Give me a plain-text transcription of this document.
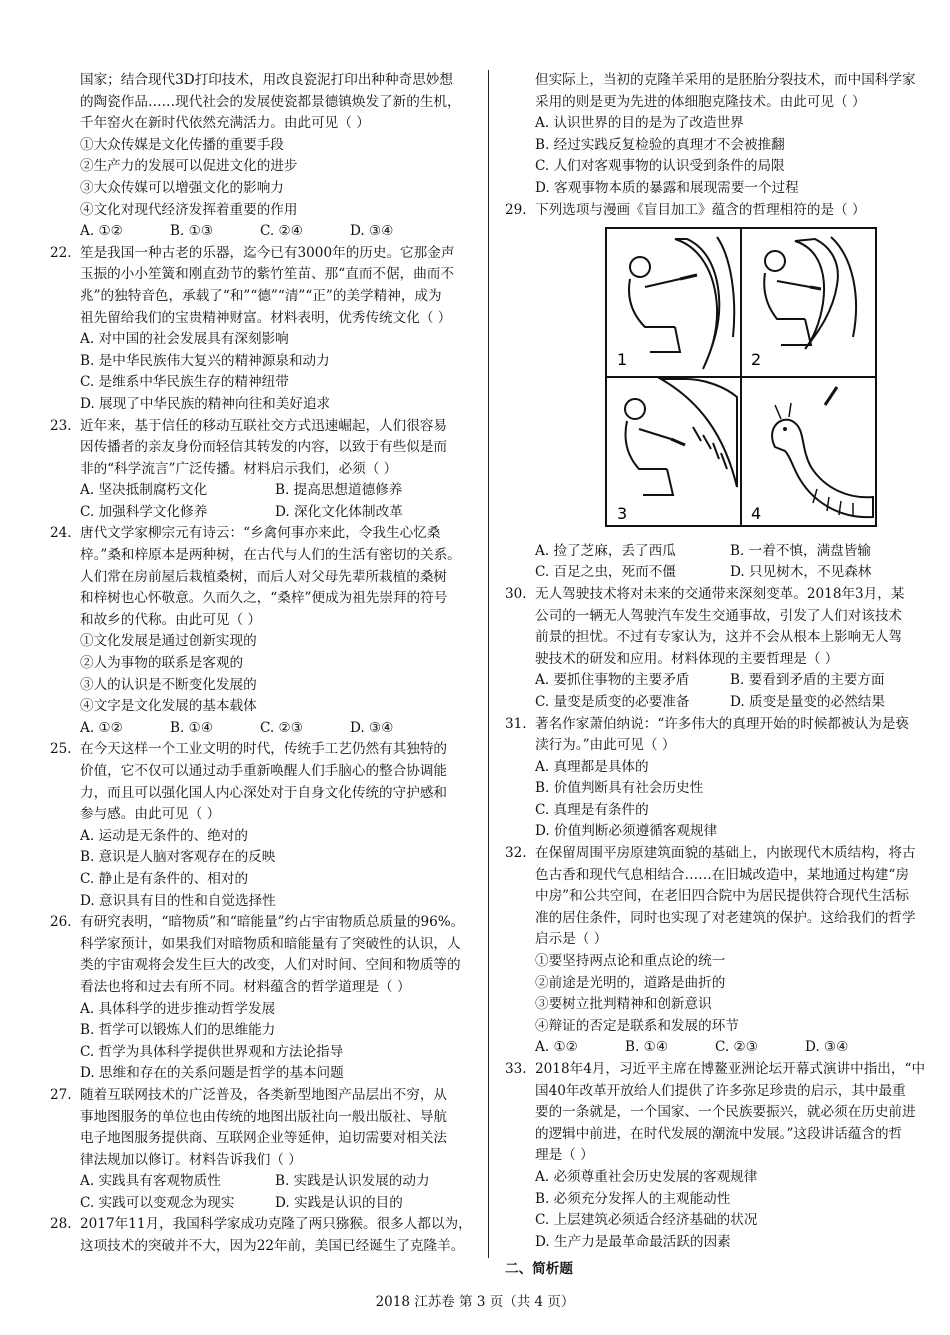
国家；结合现代3D打印技术，用改良瓷泥打印出种种奇思妙想

的陶瓷作品……现代社会的发展使瓷都景德镇焕发了新的生机，

千年窑火在新时代依然充满活力。由此可见（ ）

①大众传媒是文化传播的重要手段

②生产力的发展可以促进文化的进步

③大众传媒可以增强文化的影响力

④文化对现代经济发挥着重要的作用

A. ①②	B. ①③	C. ②④	D. ③④
22. 笙是我国一种古老的乐器，迄今已有3000年的历史。它那金声
玉振的小小笙簧和刚直劲节的紫竹笙苗、那“直而不倨，曲而不
兆”的独特音色，承载了“和”“德”“清”“正”的美学精神，成为
祖先留给我们的宝贵精神财富。材料表明，优秀传统文化（ ）
A. 对中国的社会发展具有深刻影响
B. 是中华民族伟大复兴的精神源泉和动力
C. 是维系中华民族生存的精神纽带
D. 展现了中华民族的精神向往和美好追求
23. 近年来，基于信任的移动互联社交方式迅速崛起，人们很容易
因传播者的亲友身份而轻信其转发的内容，以致于有些似是而
非的“科学流言”广泛传播。材料启示我们，必须（ ）
A. 坚决抵制腐朽文化	B. 提高思想道德修养
C. 加强科学文化修养	D. 深化文化体制改革
24. 唐代文学家柳宗元有诗云：“乡禽何事亦来此，令我生心忆桑
梓。”桑和梓原本是两种树，在古代与人们的生活有密切的关系。
人们常在房前屋后栽植桑树，而后人对父母先辈所栽植的桑树
和梓树也心怀敬意。久而久之，“桑梓”便成为祖先崇拜的符号
和故乡的代称。由此可见（ ）
①文化发展是通过创新实现的
②人为事物的联系是客观的
③人的认识是不断变化发展的
④文字是文化发展的基本载体
A. ①②	B. ①④	C. ②③	D. ③④
25. 在今天这样一个工业文明的时代，传统手工艺仍然有其独特的
价值，它不仅可以通过动手重新唤醒人们手脑心的整合协调能
力，而且可以强化国人内心深处对于自身文化传统的守护感和
参与感。由此可见（ ）
A. 运动是无条件的、绝对的
B. 意识是人脑对客观存在的反映
C. 静止是有条件的、相对的
D. 意识具有目的性和自觉选择性
26. 有研究表明，“暗物质”和“暗能量”约占宇宙物质总质量的96%。
科学家预计，如果我们对暗物质和暗能量有了突破性的认识，人
类的宇宙观将会发生巨大的改变，人们对时间、空间和物质等的
看法也将和过去有所不同。材料蕴含的哲学道理是（ ）
A. 具体科学的进步推动哲学发展
B. 哲学可以锻炼人们的思维能力
C. 哲学为具体科学提供世界观和方法论指导
D. 思维和存在的关系问题是哲学的基本问题
27. 随着互联网技术的广泛普及，各类新型地图产品层出不穷，从
事地图服务的单位也由传统的地图出版社向一般出版社、导航
电子地图服务提供商、互联网企业等延伸，迫切需要对相关法
律法规加以修订。材料告诉我们（ ）
A. 实践具有客观物质性	B. 实践是认识发展的动力
C. 实践可以变观念为现实	D. 实践是认识的目的
28. 2017年11月，我国科学家成功克隆了两只猕猴。很多人都以为，
这项技术的突破并不大，因为22年前，美国已经诞生了克隆羊。

但实际上，当初的克隆羊采用的是胚胎分裂技术，而中国科学家

采用的则是更为先进的体细胞克隆技术。由此可见（ ）

A. 认识世界的目的是为了改造世界

B. 经过实践反复检验的真理才不会被推翻

C. 人们对客观事物的认识受到条件的局限

D. 客观事物本质的暴露和展现需要一个过程

29. 下列选项与漫画《盲目加工》蕴含的哲理相符的是（ ）
1	2
3	4
A. 捡了芝麻，丢了西瓜	B. 一着不慎，满盘皆输
C. 百足之虫，死而不僵	D. 只见树木，不见森林
30. 无人驾驶技术将对未来的交通带来深刻变革。2018年3月，某
公司的一辆无人驾驶汽车发生交通事故，引发了人们对该技术
前景的担忧。不过有专家认为，这并不会从根本上影响无人驾
驶技术的研发和应用。材料体现的主要哲理是（ ）
A. 要抓住事物的主要矛盾	B. 要看到矛盾的主要方面
C. 量变是质变的必要准备	D. 质变是量变的必然结果
31. 著名作家萧伯纳说：“许多伟大的真理开始的时候都被认为是亵
渎行为。”由此可见（ ）
A. 真理都是具体的
B. 价值判断具有社会历史性
C. 真理是有条件的
D. 价值判断必须遵循客观规律
32. 在保留周围平房原建筑面貌的基础上，内嵌现代木质结构，将古
色古香和现代气息相结合……在旧城改造中，某地通过构建“房
中房”和公共空间，在老旧四合院中为居民提供符合现代生活标
准的居住条件，同时也实现了对老建筑的保护。这给我们的哲学
启示是（ ）
①要坚持两点论和重点论的统一
②前途是光明的，道路是曲折的
③要树立批判精神和创新意识
④辩证的否定是联系和发展的环节
A. ①②	B. ①④	C. ②③	D. ③④
33. 2018年4月，习近平主席在博鳌亚洲论坛开幕式演讲中指出，“中
国40年改革开放给人们提供了许多弥足珍贵的启示，其中最重
要的一条就是，一个国家、一个民族要振兴，就必须在历史前进
的逻辑中前进，在时代发展的潮流中发展。”这段讲话蕴含的哲
理是（ ）
A. 必须尊重社会历史发展的客观规律
B. 必须充分发挥人的主观能动性
C. 上层建筑必须适合经济基础的状况
D. 生产力是最革命最活跃的因素

二、简析题

2018 江苏卷 第 3 页（共 4 页）
